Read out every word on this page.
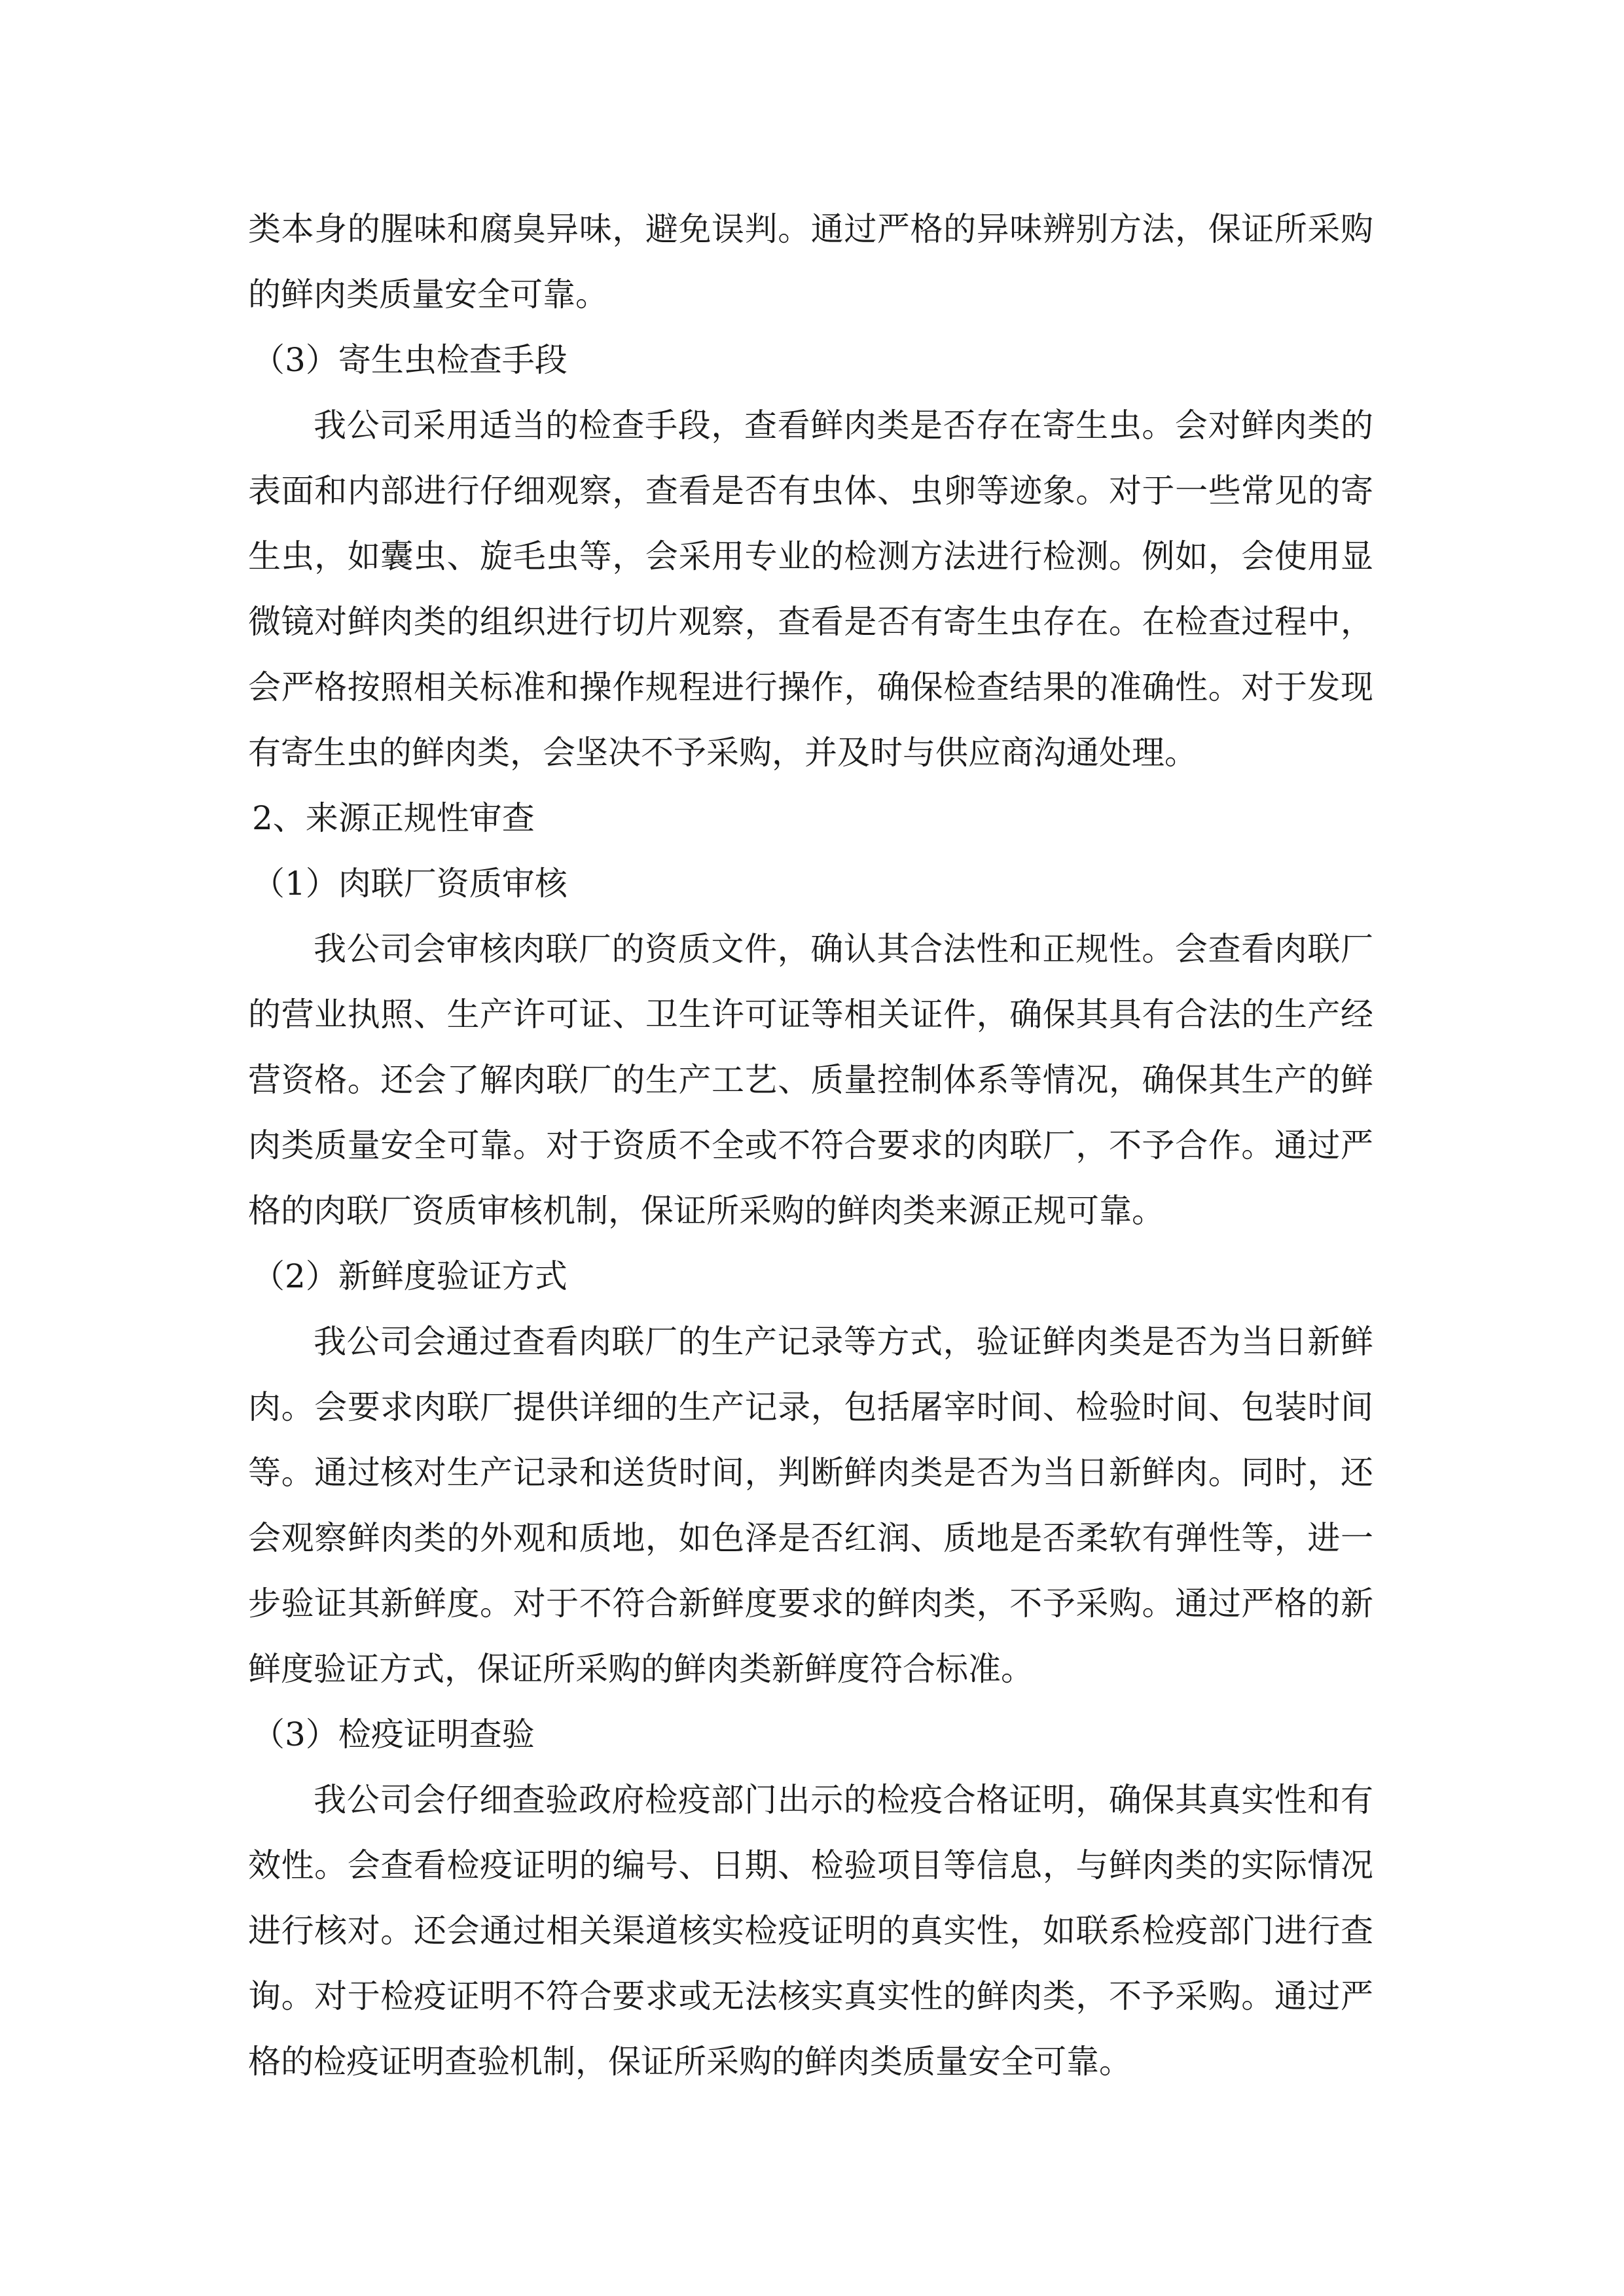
类本身的腥味和腐臭异味，避免误判。通过严格的异味辨别方法，保证所采购
的鲜肉类质量安全可靠。
（3）寄生虫检查手段
我公司采用适当的检查手段，查看鲜肉类是否存在寄生虫。会对鲜肉类的
表面和内部进行仔细观察，查看是否有虫体、虫卵等迹象。对于一些常见的寄
生虫，如囊虫、旋毛虫等，会采用专业的检测方法进行检测。例如，会使用显
微镜对鲜肉类的组织进行切片观察，查看是否有寄生虫存在。在检查过程中，
会严格按照相关标准和操作规程进行操作，确保检查结果的准确性。对于发现
有寄生虫的鲜肉类，会坚决不予采购，并及时与供应商沟通处理。
2、来源正规性审查
（1）肉联厂资质审核
我公司会审核肉联厂的资质文件，确认其合法性和正规性。会查看肉联厂
的营业执照、生产许可证、卫生许可证等相关证件，确保其具有合法的生产经
营资格。还会了解肉联厂的生产工艺、质量控制体系等情况，确保其生产的鲜
肉类质量安全可靠。对于资质不全或不符合要求的肉联厂，不予合作。通过严
格的肉联厂资质审核机制，保证所采购的鲜肉类来源正规可靠。
（2）新鲜度验证方式
我公司会通过查看肉联厂的生产记录等方式，验证鲜肉类是否为当日新鲜
肉。会要求肉联厂提供详细的生产记录，包括屠宰时间、检验时间、包装时间
等。通过核对生产记录和送货时间，判断鲜肉类是否为当日新鲜肉。同时，还
会观察鲜肉类的外观和质地，如色泽是否红润、质地是否柔软有弹性等，进一
步验证其新鲜度。对于不符合新鲜度要求的鲜肉类，不予采购。通过严格的新
鲜度验证方式，保证所采购的鲜肉类新鲜度符合标准。
（3）检疫证明查验
我公司会仔细查验政府检疫部门出示的检疫合格证明，确保其真实性和有
效性。会查看检疫证明的编号、日期、检验项目等信息，与鲜肉类的实际情况
进行核对。还会通过相关渠道核实检疫证明的真实性，如联系检疫部门进行查
询。对于检疫证明不符合要求或无法核实真实性的鲜肉类，不予采购。通过严
格的检疫证明查验机制，保证所采购的鲜肉类质量安全可靠。
